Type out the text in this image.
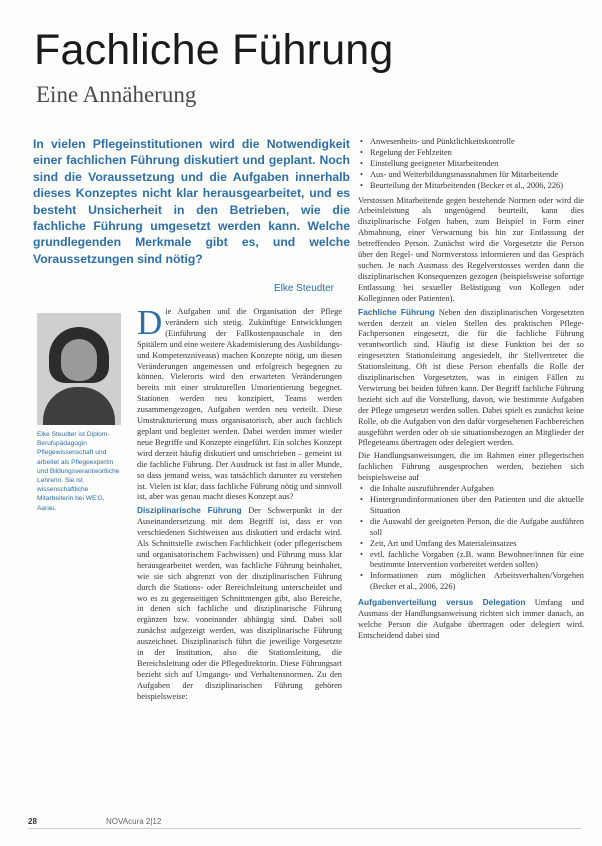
Fachliche Führung
Eine Annäherung

In vielen Pflegeinstitutionen wird die Notwendigkeit einer fachlichen Führung diskutiert und geplant. Noch sind die Voraussetzung und die Aufgaben innerhalb dieses Konzeptes nicht klar herausgearbeitet, und es besteht Unsicherheit in den Betrieben, wie die fachliche Führung umgesetzt werden kann. Welche grundlegenden Merkmale gibt es, und welche Voraussetzungen sind nötig?

Elke Steudter

Elke Steudter ist Diplom-Berufspädagogin Pflegewissenschaft und arbeitet als Pflegeexpertin und Bildungsverantwortliche Lehrerin. Sie ist wissenschaftliche Mitarbeiterin bei WE'G, Aarau.

Die Aufgaben und die Organisation der Pflege verändern sich stetig. Zukünftige Entwicklungen (Einführung der Fallkostenpauschale in den Spitälern und eine weitere Akademisierung des Ausbildungs- und Kompetenzniveaus) machen Konzepte nötig, um diesen Veränderungen angemessen und erfolgreich begegnen zu können. Vielerorts wird den erwarteten Veränderungen bereits mit einer strukturellen Umorientierung begegnet. Stationen werden neu konzipiert, Teams werden zusammengezogen, Aufgaben werden neu verteilt. Diese Umstrukturierung muss organisatorisch, aber auch fachlich geplant und begleitet werden. Dabei werden immer wieder neue Begriffe und Konzepte eingeführt. Ein solches Konzept wird derzeit häufig diskutiert und umschrieben – gemeint ist die fachliche Führung. Der Ausdruck ist fast in aller Munde, so dass jemand weiss, was tatsächlich darunter zu verstehen ist. Vielen ist klar, dass fachliche Führung nötig und sinnvoll ist, aber was genau macht dieses Konzept aus?

Disziplinarische Führung Der Schwerpunkt in der Auseinandersetzung mit dem Begriff ist, dass er von verschiedenen Sichtweisen aus diskutiert und erdacht wird. Als Schnittstelle zwischen Fachlichkeit (oder pflegerischem und organisatorischem Fachwissen) und Führung muss klar herausgearbeitet werden, was fachliche Führung beinhaltet, wie sie sich abgrenzt von der disziplinarischen Führung durch die Stations- oder Bereichsleitung unterscheidet und wo es zu gegenseitigen Schnittmengen gibt, also Bereiche, in denen sich fachliche und disziplinarische Führung ergänzen bzw. voneinander abhängig sind. Dabei soll zunächst aufgezeigt werden, was disziplinarische Führung auszeichnet. Disziplinarisch führt die jeweilige Vorgesetzte in der Institution, also die Stationsleitung, die Bereichsleitung oder die Pflegedirektorin. Diese Führungsart bezieht sich auf Umgangs- und Verhaltensnormen. Zu den Aufgaben der disziplinarischen Führung gehören beispielsweise:

• Anwesenheits- und Pünktlichkeitskontrolle
• Regelung der Fehlzeiten
• Einstellung geeigneter Mitarbeitenden
• Aus- und Weiterbildungsmassnahmen für Mitarbeitende
• Beurteilung der Mitarbeitenden (Becker et al., 2006, 226)

Verstossen Mitarbeitende gegen bestehende Normen oder wird die Arbeitsleistung als ungenügend beurteilt, kann dies disziplinarische Folgen haben, zum Beispiel in Form einer Abmahnung, einer Verwarnung bis hin zur Entlassung der betreffenden Person. Zunächst wird die Vorgesetzte die Person über den Regel- und Normverstoss informieren und das Gespräch suchen. Je nach Ausmass des Regelverstosses werden dann die disziplinarischen Konsequenzen gezogen (beispielsweise sofortige Entlassung bei sexueller Belästigung von Kollegen oder Kolleginnen oder Patienten).

Fachliche Führung Neben den disziplinarischen Vorgesetzten werden derzeit an vielen Stellen des praktischen Pflege-Fachpersonen eingesetzt, die für die fachliche Führung verantwortlich sind. Häufig ist diese Funktion bei der so eingesetzten Stationsleitung angesiedelt, ihr Stellvertreter die Stationsleitung. Oft ist diese Person ebenfalls die Rolle der disziplinarischen Vorgesetzten, was in einigen Fällen zu Verwirrung bei beiden führen kann. Der Begriff fachliche Führung bezieht sich auf die Vorstellung, davon, wie bestimmte Aufgaben der Pflege umgesetzt werden sollen. Dabei spielt es zunächst keine Rolle, ob die Aufgaben von den dafür vorgesehenen Fachbereichen ausgeführt werden oder ob sie situationsbezogen an Mitglieder der Pflegeteams übertragen oder delegiert werden.

Die Handlungsanweisungen, die im Rahmen einer pflegerischen fachlichen Führung ausgesprochen werden, beziehen sich beispielsweise auf

• die Inhalte auszuführender Aufgaben
• Hintergrundinformationen über den Patienten und die aktuelle Situation
• die Auswahl der geeigneten Person, die die Aufgabe ausführen soll
• Zeit, Art und Umfang des Materialeinsatzes
• evtl. fachliche Vorgaben (z.B. wann Bewohner/innen für eine bestimmte Intervention vorbereitet werden sollen)
• Informationen zum möglichen Arbeitsverhalten/Vorgehen (Becker et al., 2006, 226)

Aufgabenverteilung versus Delegation Umfang und Ausmass der Handlungsanweisung richten sich immer danach, an welche Person die Aufgabe übertragen oder delegiert wird. Entscheidend dabei sind

28	NOVAcura 2|12
